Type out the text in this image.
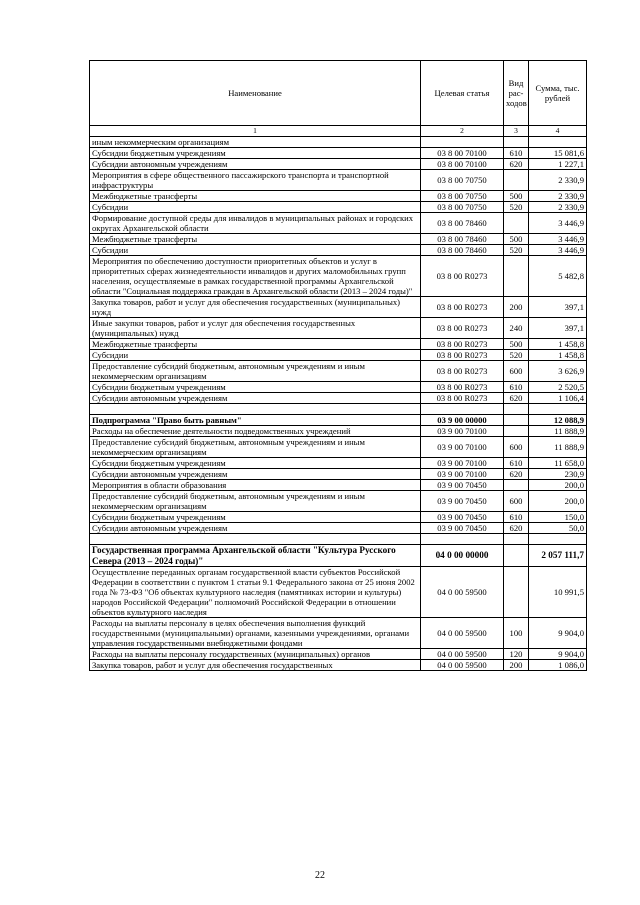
Наименование	Целевая статья	Вид рас-ходов	Сумма, тыс. рублей
1	2	3	4
иным некоммерческим организациям			
Субсидии бюджетным учреждениям	03 8 00 70100	610	15 081,6
Субсидии автономным учреждениям	03 8 00 70100	620	1 227,1
Мероприятия в сфере общественного пассажирского транспорта и транспортной инфраструктуры	03 8 00 70750		2 330,9
Межбюджетные трансферты	03 8 00 70750	500	2 330,9
Субсидии	03 8 00 70750	520	2 330,9
Формирование доступной среды для инвалидов в муниципальных районах и городских округах Архангельской области	03 8 00 78460		3 446,9
Межбюджетные трансферты	03 8 00 78460	500	3 446,9
Субсидии	03 8 00 78460	520	3 446,9
Мероприятия по обеспечению доступности приоритетных объектов и услуг в приоритетных сферах жизнедеятельности инвалидов и других маломобильных групп населения, осуществляемые в рамках государственной программы Архангельской области "Социальная поддержка граждан в Архангельской области (2013 – 2024 годы)"	03 8 00 R0273		5 482,8
Закупка товаров, работ и услуг для обеспечения государственных (муниципальных) нужд	03 8 00 R0273	200	397,1
Иные закупки товаров, работ и услуг для обеспечения государственных (муниципальных) нужд	03 8 00 R0273	240	397,1
Межбюджетные трансферты	03 8 00 R0273	500	1 458,8
Субсидии	03 8 00 R0273	520	1 458,8
Предоставление субсидий бюджетным, автономным учреждениям и иным некоммерческим организациям	03 8 00 R0273	600	3 626,9
Субсидии бюджетным учреждениям	03 8 00 R0273	610	2 520,5
Субсидии автономным учреждениям	03 8 00 R0273	620	1 106,4

Подпрограмма "Право быть равным"	03 9 00 00000		12 088,9
Расходы на обеспечение деятельности подведомственных учреждений	03 9 00 70100		11 888,9
Предоставление субсидий бюджетным, автономным учреждениям и иным некоммерческим организациям	03 9 00 70100	600	11 888,9
Субсидии бюджетным учреждениям	03 9 00 70100	610	11 658,0
Субсидии автономным учреждениям	03 9 00 70100	620	230,9
Мероприятия в области образования	03 9 00 70450		200,0
Предоставление субсидий бюджетным, автономным учреждениям и иным некоммерческим организациям	03 9 00 70450	600	200,0
Субсидии бюджетным учреждениям	03 9 00 70450	610	150,0
Субсидии автономным учреждениям	03 9 00 70450	620	50,0

Государственная программа Архангельской области "Культура Русского Севера (2013 – 2024 годы)"	04 0 00 00000		2 057 111,7
Осуществление переданных органам государственной власти субъектов Российской Федерации в соответствии с пунктом 1 статьи 9.1 Федерального закона от 25 июня 2002 года № 73-ФЗ "Об объектах культурного наследия (памятниках истории и культуры) народов Российской Федерации" полномочий Российской Федерации в отношении объектов культурного наследия	04 0 00 59500		10 991,5
Расходы на выплаты персоналу в целях обеспечения выполнения функций государственными (муниципальными) органами, казенными учреждениями, органами управления государственными внебюджетными фондами	04 0 00 59500	100	9 904,0
Расходы на выплаты персоналу государственных (муниципальных) органов	04 0 00 59500	120	9 904,0
Закупка товаров, работ и услуг для обеспечения государственных	04 0 00 59500	200	1 086,0
22
